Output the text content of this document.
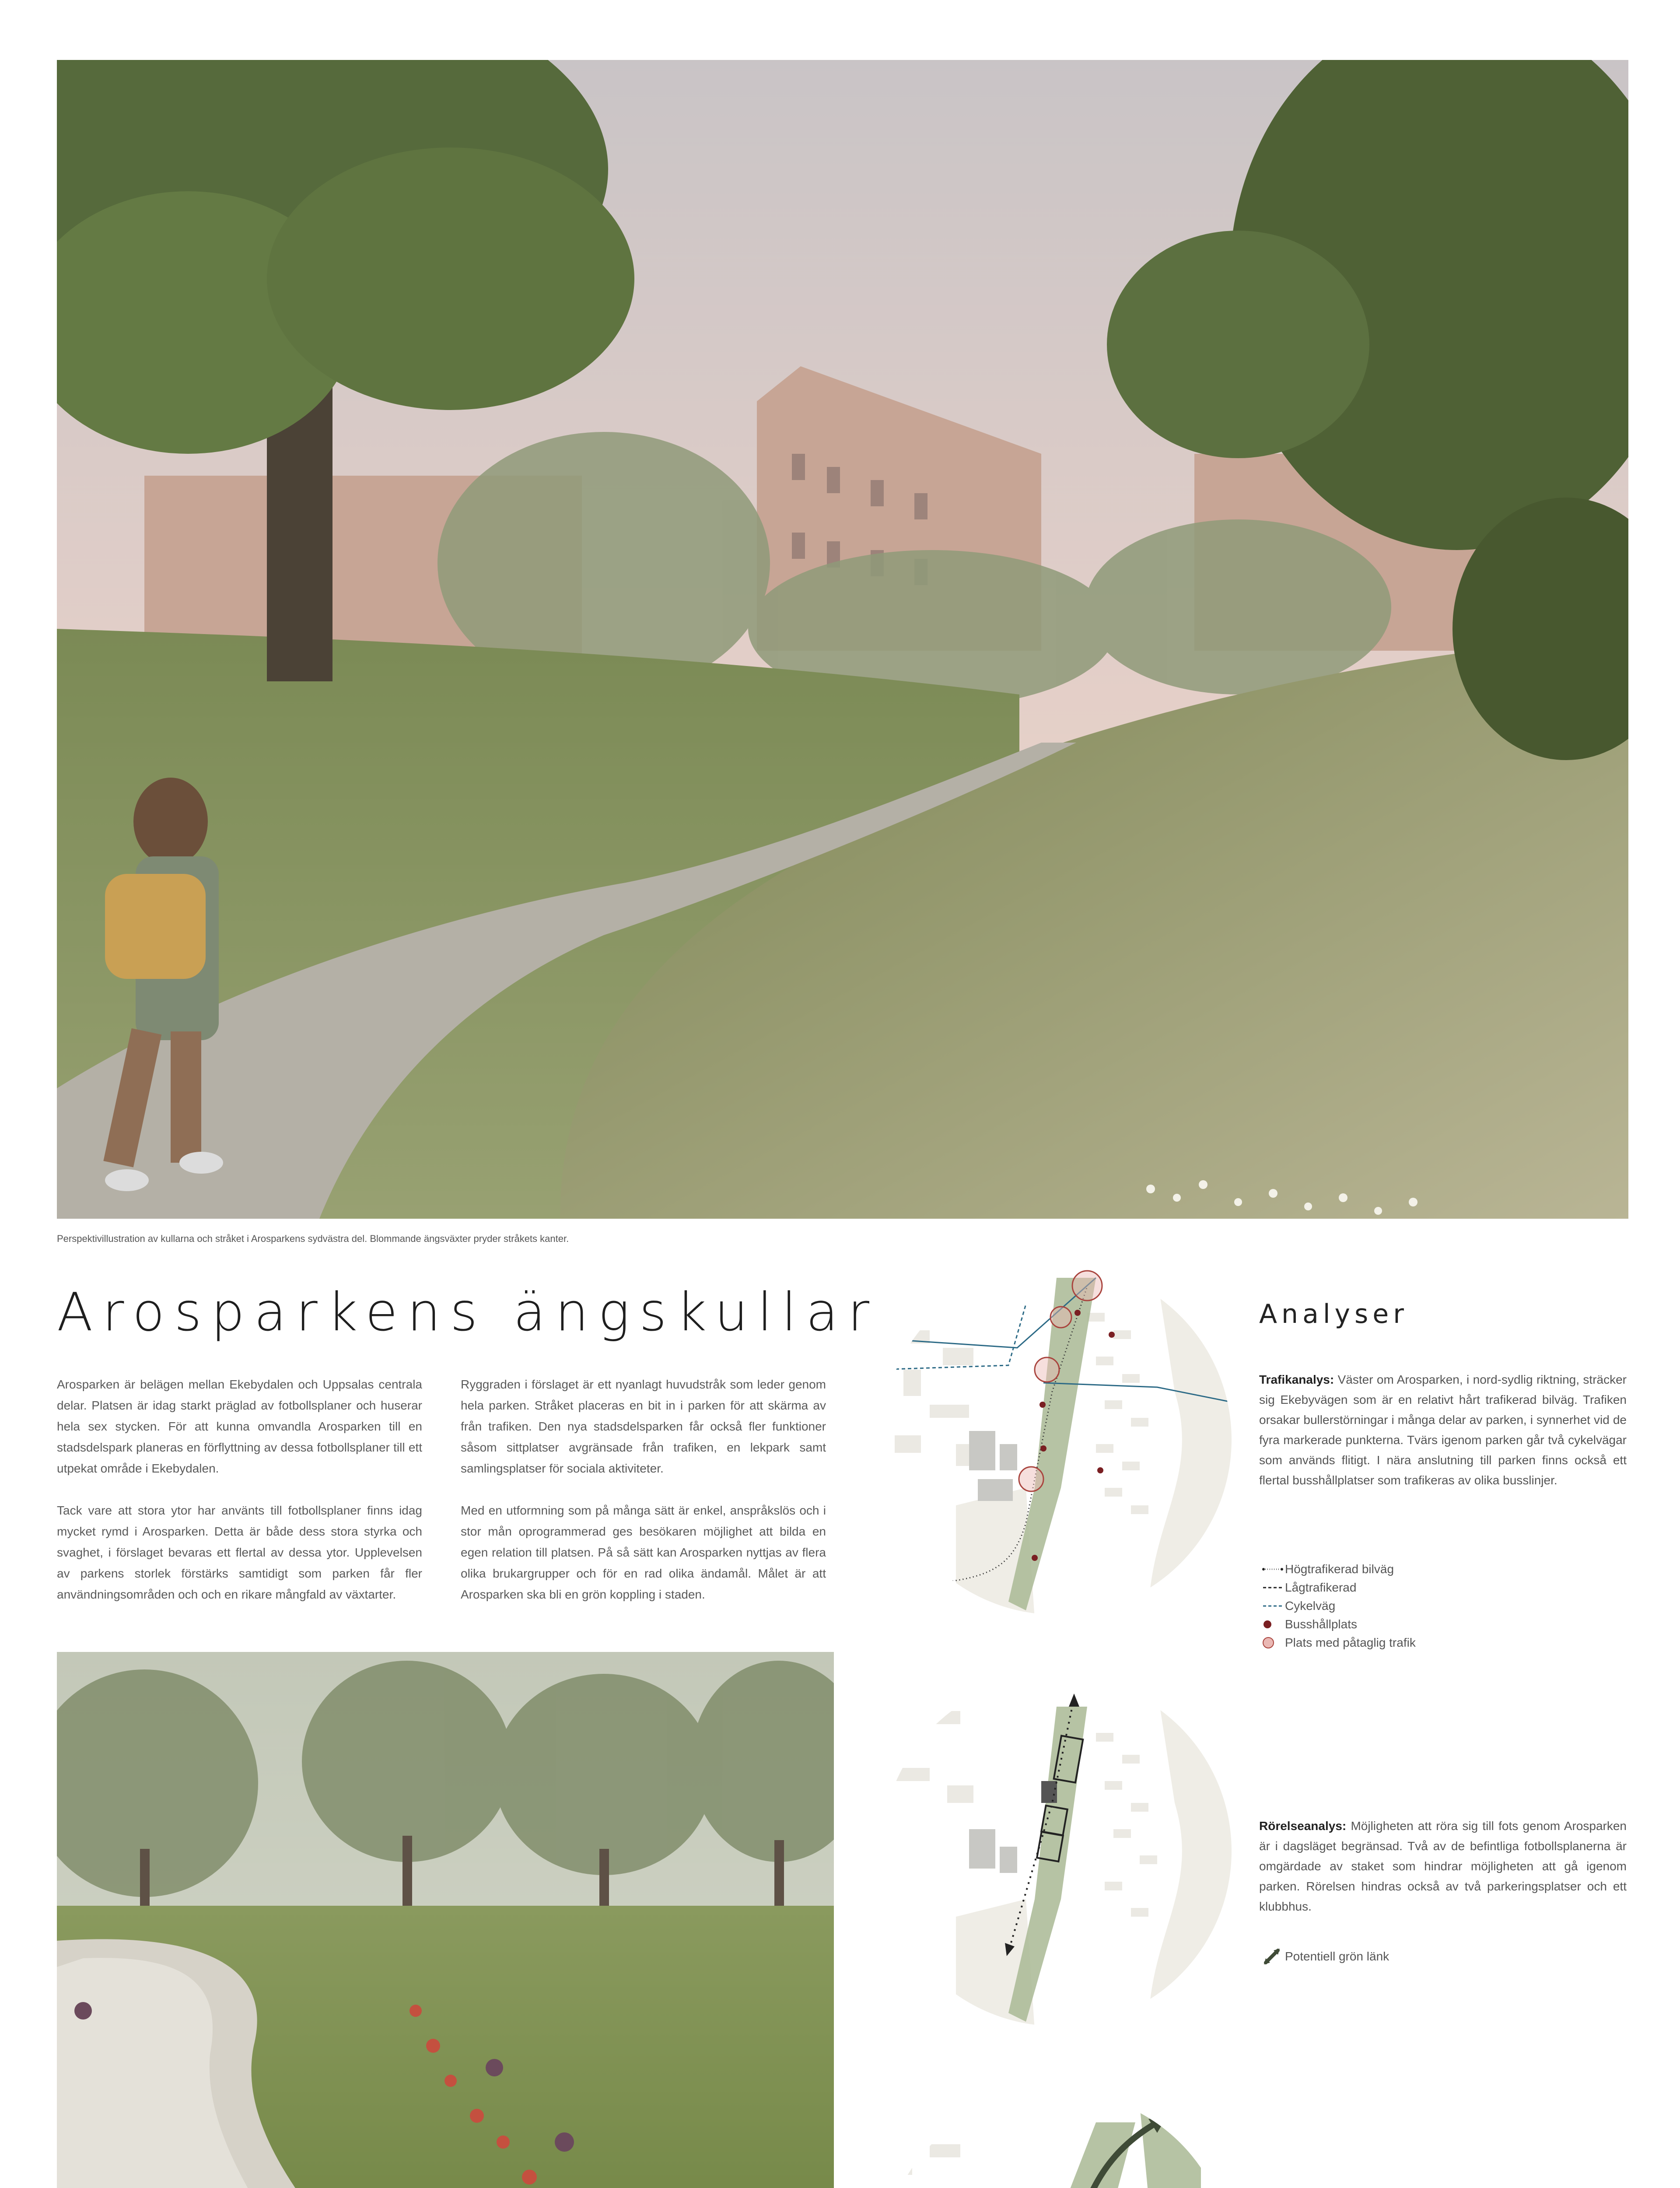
Perspektivillustration av kullarna och stråket i Arosparkens sydvästra del. Blommande ängsväxter pryder stråkets kanter.
Arosparkens ängskullar

Arosparken är belägen mellan Ekebydalen och Uppsalas centrala delar. Platsen är idag starkt präglad av fotbollsplaner och huserar hela sex stycken. För att kunna omvandla Arosparken till en stadsdelspark planeras en förflyttning av dessa fotbollsplaner till ett utpekat område i Ekebydalen.

Tack vare att stora ytor har använts till fotbollsplaner finns idag mycket rymd i Arosparken. Detta är både dess stora styrka och svaghet, i förslaget bevaras ett flertal av dessa ytor. Upplevelsen av parkens storlek förstärks samtidigt som parken får fler användningsområden och och en rikare mångfald av växtarter.

Ryggraden i förslaget är ett nyanlagt huvudstråk som leder genom hela parken. Stråket placeras en bit in i parken för att skärma av från trafiken. Den nya stadsdelsparken får också fler funktioner såsom sittplatser avgränsade från trafiken, en lekpark samt samlingsplatser för sociala aktiviteter.

Med en utformning som på många sätt är enkel, anspråkslös och i stor mån oprogrammerad ges besökaren möjlighet att bilda en egen relation till platsen. På så sätt kan Arosparken nyttjas av flera olika brukargrupper och för en rad olika ändamål. Målet är att Arosparken ska bli en grön koppling i staden.

Analyser
Trafikanalys: Väster om Arosparken, i nord-sydlig riktning, sträcker sig Ekebyvägen som är en relativt hårt trafikerad bilväg. Trafiken orsakar bullerstörningar i många delar av parken, i synnerhet vid de fyra markerade punkterna. Tvärs igenom parken går två cykelvägar som används flitigt. I nära anslutning till parken finns också ett flertal busshållplatser som trafikeras av olika busslinjer.
Högtrafikerad bilväg
Lågtrafikerad
Cykelväg
Busshållplats
Plats med påtaglig trafik
Rörelseanalys: Möjligheten att röra sig till fots genom Arosparken är i dagsläget begränsad. Två av de befintliga fotbollsplanerna är omgärdade av staket som hindrar möjligheten att gå igenom parken. Rörelsen hindras också av två parkeringsplatser och ett klubbhus.
Potentiell grön länk
